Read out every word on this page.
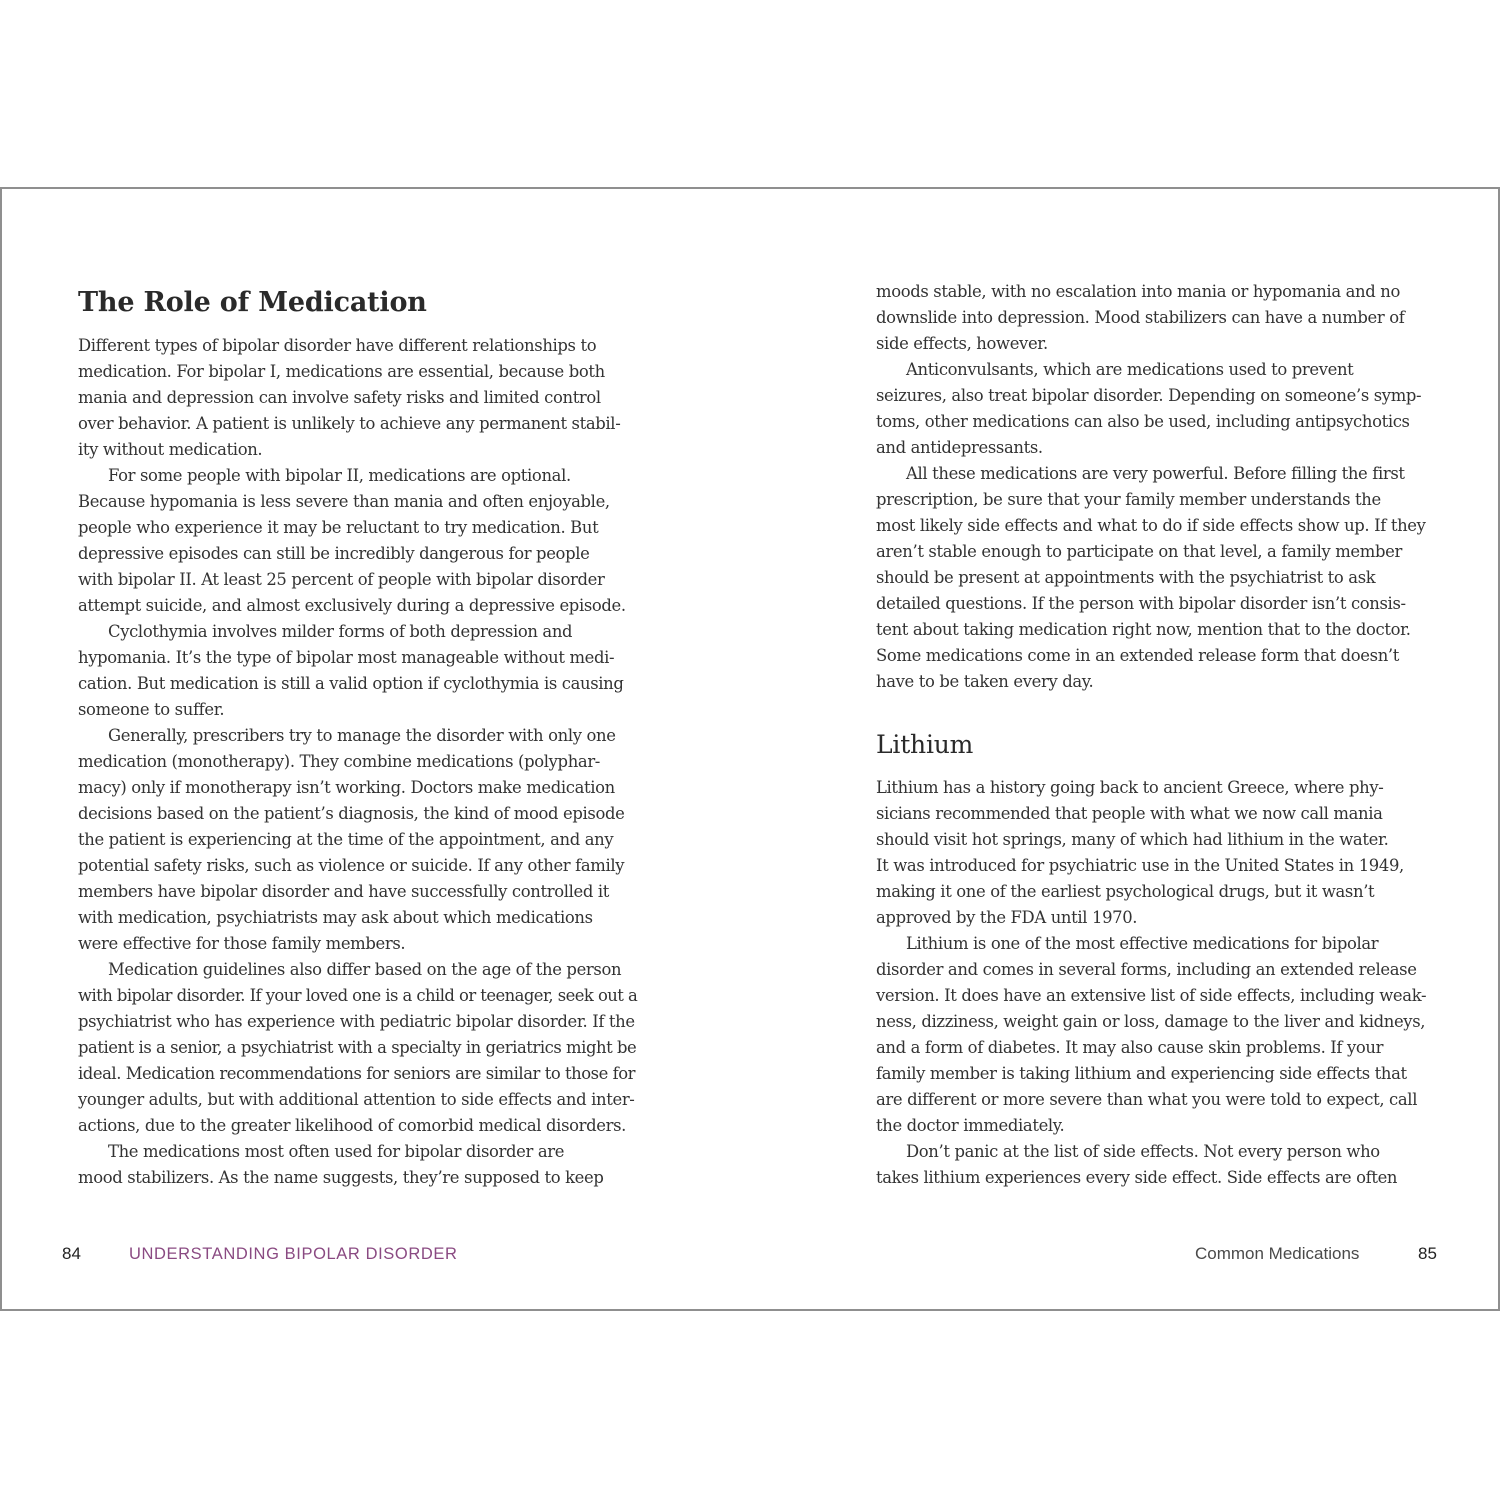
The Role of Medication
Different types of bipolar disorder have different relationships to
medication. For bipolar I, medications are essential, because both
mania and depression can involve safety risks and limited control
over behavior. A patient is unlikely to achieve any permanent stabil-
ity without medication.
For some people with bipolar II, medications are optional.
Because hypomania is less severe than mania and often enjoyable,
people who experience it may be reluctant to try medication. But
depressive episodes can still be incredibly dangerous for people
with bipolar II. At least 25 percent of people with bipolar disorder
attempt suicide, and almost exclusively during a depressive episode.
Cyclothymia involves milder forms of both depression and
hypomania. It’s the type of bipolar most manageable without medi-
cation. But medication is still a valid option if cyclothymia is causing
someone to suffer.
Generally, prescribers try to manage the disorder with only one
medication (monotherapy). They combine medications (polyphar-
macy) only if monotherapy isn’t working. Doctors make medication
decisions based on the patient’s diagnosis, the kind of mood episode
the patient is experiencing at the time of the appointment, and any
potential safety risks, such as violence or suicide. If any other family
members have bipolar disorder and have successfully controlled it
with medication, psychiatrists may ask about which medications
were effective for those family members.
Medication guidelines also differ based on the age of the person
with bipolar disorder. If your loved one is a child or teenager, seek out a
psychiatrist who has experience with pediatric bipolar disorder. If the
patient is a senior, a psychiatrist with a specialty in geriatrics might be
ideal. Medication recommendations for seniors are similar to those for
younger adults, but with additional attention to side effects and inter-
actions, due to the greater likelihood of comorbid medical disorders.
The medications most often used for bipolar disorder are
mood stabilizers. As the name suggests, they’re supposed to keep
84	UNDERSTANDING BIPOLAR DISORDER
moods stable, with no escalation into mania or hypomania and no
downslide into depression. Mood stabilizers can have a number of
side effects, however.
Anticonvulsants, which are medications used to prevent
seizures, also treat bipolar disorder. Depending on someone’s symp-
toms, other medications can also be used, including antipsychotics
and antidepressants.
All these medications are very powerful. Before filling the first
prescription, be sure that your family member understands the
most likely side effects and what to do if side effects show up. If they
aren’t stable enough to participate on that level, a family member
should be present at appointments with the psychiatrist to ask
detailed questions. If the person with bipolar disorder isn’t consis-
tent about taking medication right now, mention that to the doctor.
Some medications come in an extended release form that doesn’t
have to be taken every day.
Lithium
Lithium has a history going back to ancient Greece, where phy-
sicians recommended that people with what we now call mania
should visit hot springs, many of which had lithium in the water.
It was introduced for psychiatric use in the United States in 1949,
making it one of the earliest psychological drugs, but it wasn’t
approved by the FDA until 1970.
Lithium is one of the most effective medications for bipolar
disorder and comes in several forms, including an extended release
version. It does have an extensive list of side effects, including weak-
ness, dizziness, weight gain or loss, damage to the liver and kidneys,
and a form of diabetes. It may also cause skin problems. If your
family member is taking lithium and experiencing side effects that
are different or more severe than what you were told to expect, call
the doctor immediately.
Don’t panic at the list of side effects. Not every person who
takes lithium experiences every side effect. Side effects are often
Common Medications	85
